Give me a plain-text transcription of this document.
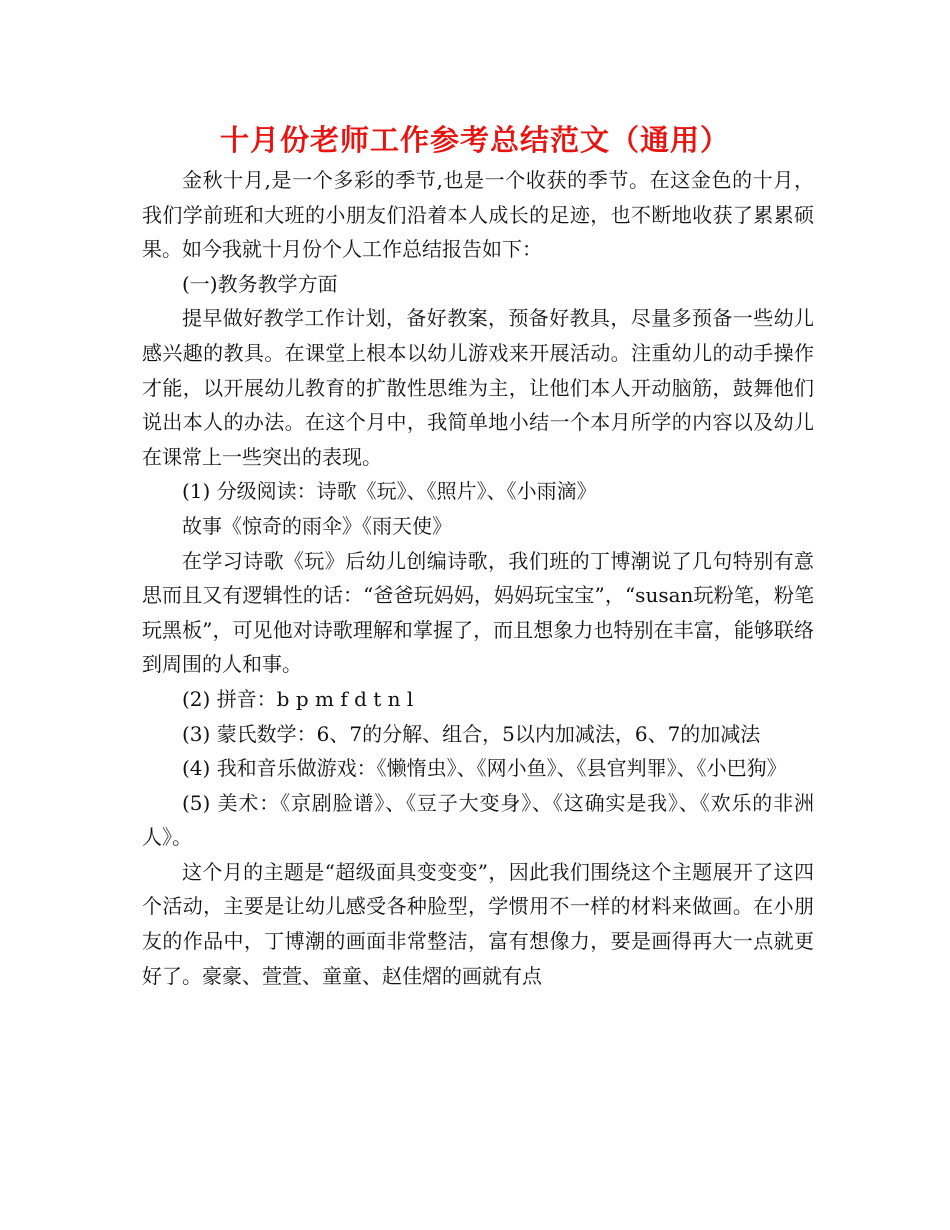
十月份老师工作参考总结范文（通用）

金秋十月,是一个多彩的季节,也是一个收获的季节。在这金色的十月，我们学前班和大班的小朋友们沿着本人成长的足迹，也不断地收获了累累硕果。如今我就十月份个人工作总结报告如下：

(一)教务教学方面

提早做好教学工作计划，备好教案，预备好教具，尽量多预备一些幼儿感兴趣的教具。在课堂上根本以幼儿游戏来开展活动。注重幼儿的动手操作才能，以开展幼儿教育的扩散性思维为主，让他们本人开动脑筋，鼓舞他们说出本人的办法。在这个月中，我简单地小结一个本月所学的内容以及幼儿在课常上一些突出的表现。

(1) 分级阅读：诗歌《玩》、《照片》、《小雨滴》

故事《惊奇的雨伞》《雨天使》

在学习诗歌《玩》后幼儿创编诗歌，我们班的丁博潮说了几句特别有意思而且又有逻辑性的话：“爸爸玩妈妈，妈妈玩宝宝”，“susan玩粉笔，粉笔玩黑板”，可见他对诗歌理解和掌握了，而且想象力也特别在丰富，能够联络到周围的人和事。

(2) 拼音：b p m f d t n l

(3) 蒙氏数学：6、7的分解、组合，5以内加减法，6、7的加减法

(4) 我和音乐做游戏：《懒惰虫》、《网小鱼》、《县官判罪》、《小巴狗》

(5) 美术：《京剧脸谱》、《豆子大变身》、《这确实是我》、《欢乐的非洲人》。

这个月的主题是“超级面具变变变”，因此我们围绕这个主题展开了这四个活动，主要是让幼儿感受各种脸型，学惯用不一样的材料来做画。在小朋友的作品中，丁博潮的画面非常整洁，富有想像力，要是画得再大一点就更好了。豪豪、萱萱、童童、赵佳熠的画就有点
